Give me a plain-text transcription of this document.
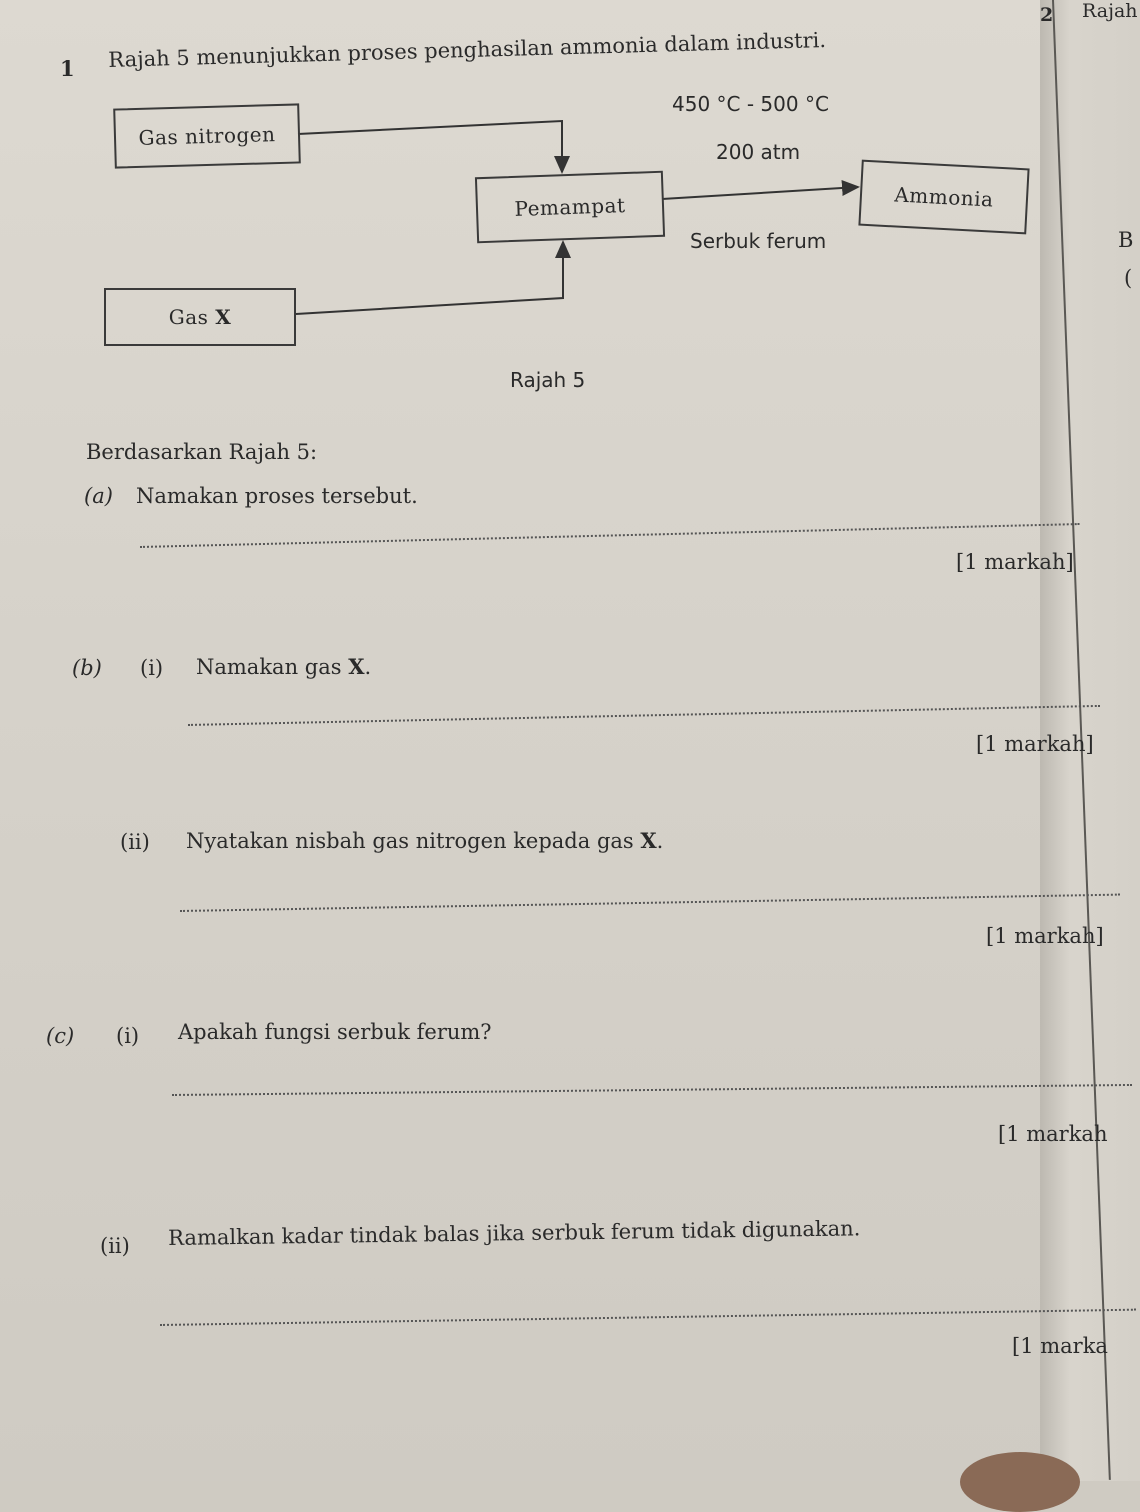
2 Rajah
B
(
1 Rajah 5 menunjukkan proses penghasilan ammonia dalam industri.
Gas nitrogen
Pemampat	Ammonia
Gas X
450 °C - 500 °C
200 atm
Serbuk ferum
Rajah 5
Berdasarkan Rajah 5:
(a) Namakan proses tersebut.
[1 markah]
(b) (i) Namakan gas X.
[1 markah]
(ii) Nyatakan nisbah gas nitrogen kepada gas X.
[1 markah]
(c) (i) Apakah fungsi serbuk ferum?
[1 markah
(ii) Ramalkan kadar tindak balas jika serbuk ferum tidak digunakan.
[1 marka
